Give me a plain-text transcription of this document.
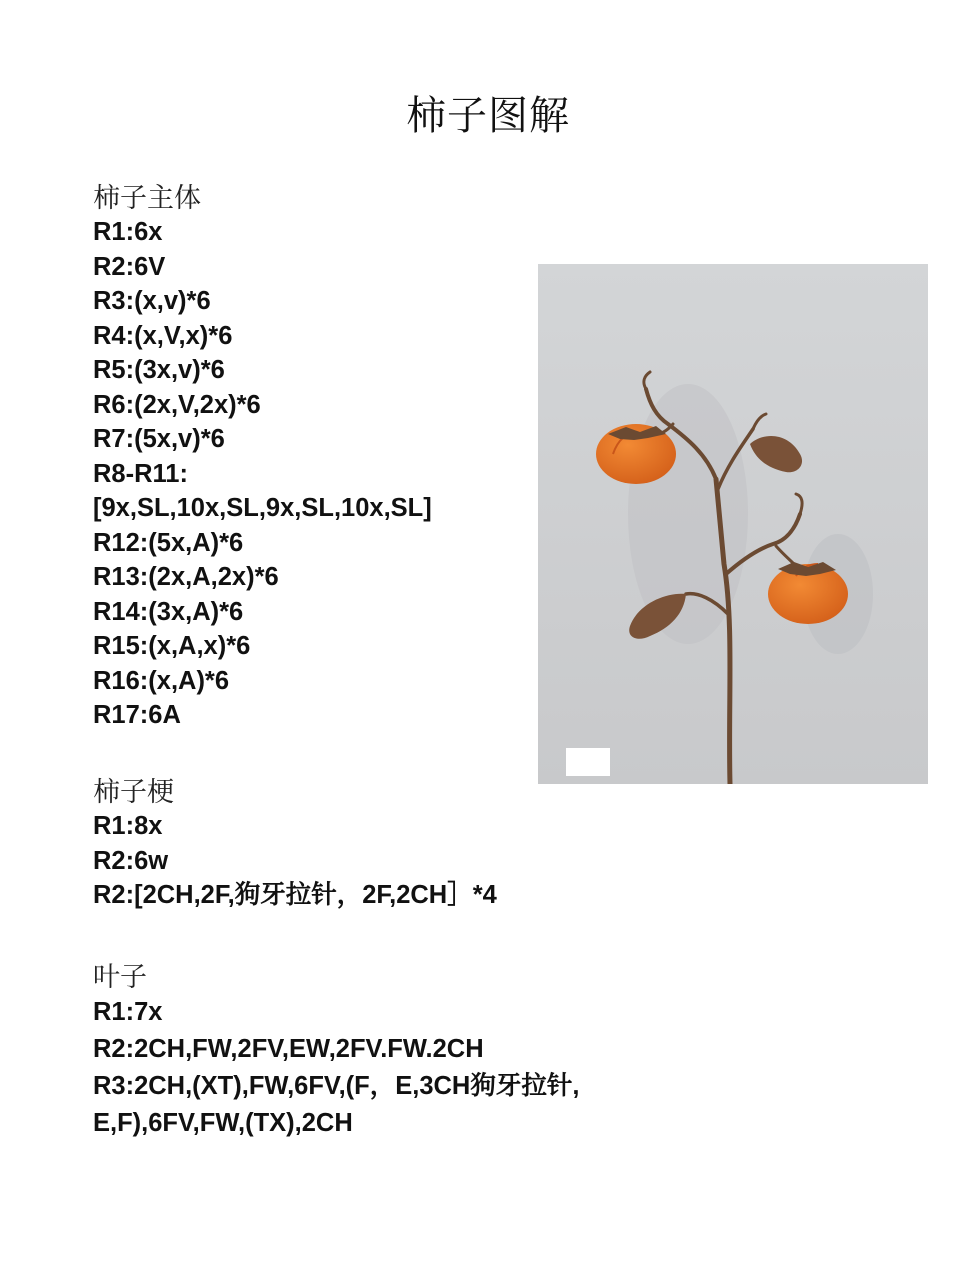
柿子图解
柿子主体
R1:6x
R2:6V
R3:(x,v)*6
R4:(x,V,x)*6
R5:(3x,v)*6
R6:(2x,V,2x)*6
R7:(5x,v)*6
R8-R11:
[9x,SL,10x,SL,9x,SL,10x,SL]
R12:(5x,A)*6
R13:(2x,A,2x)*6
R14:(3x,A)*6
R15:(x,A,x)*6
R16:(x,A)*6
R17:6A
柿子梗
R1:8x
R2:6w
R2:[2CH,2F,狗牙拉针，2F,2CH］*4
叶子
R1:7x
R2:2CH,FW,2FV,EW,2FV.FW.2CH
R3:2CH,(XT),FW,6FV,(F，E,3CH狗牙拉针,
E,F),6FV,FW,(TX),2CH
